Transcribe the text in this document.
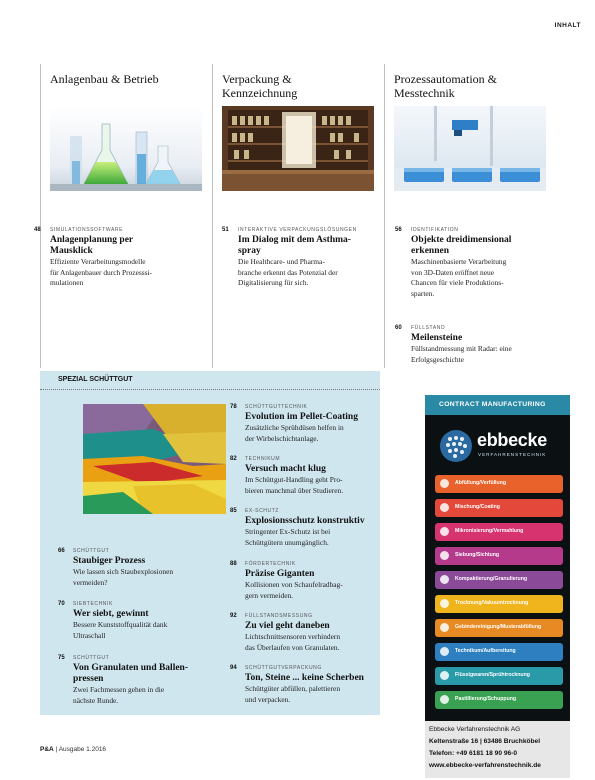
INHALT
Anlagenbau & Betrieb	Verpackung &
Kennzeichnung
Prozessautomation &
Messtechnik
48 SIMULATIONSSOFTWARE
Anlagenplanung per
Mausklick
Effiziente Verarbeitungsmodelle
für Anlagenbauer durch Prozesssi-
mulationen
51 INTERAKTIVE VERPACKUNGSLÖSUNGEN
Im Dialog mit dem Asthma-
spray
Die Healthcare- und Pharma-
branche erkennt das Potenzial der
Digitalisierung für sich.
56 IDENTIFIKATION
Objekte dreidimensional
erkennen
Maschinenbasierte Verarbeitung
von 3D-Daten eröffnet neue
Chancen für viele Produktions-
sparten.
60 FÜLLSTAND
Meilensteine
Füllstandmessung mit Radar: eine
Erfolgsgeschichte
SPEZIAL SCHÜTTGUT
66 SCHÜTTGUT
Staubiger Prozess
Wie lassen sich Staubexplosionen
vermeiden?
70 SIEBTECHNIK
Wer siebt, gewinnt
Bessere Kunststoffqualität dank
Ultraschall
75 SCHÜTTGUT
Von Granulaten und Ballen-
pressen
Zwei Fachmessen gehen in die
nächste Runde.
78 SCHÜTTGUTTECHNIK
Evolution im Pellet-Coating
Zusätzliche Sprühdüsen helfen in
der Wirbelschichtanlage.
82 TECHNIKUM
Versuch macht klug
Im Schüttgut-Handling geht Pro-
bieren manchmal über Studieren.
85 EX-SCHUTZ
Explosionsschutz konstruktiv
Stringenter Ex-Schutz ist bei
Schüttgütern unumgänglich.
88 FÖRDERTECHNIK
Präzise Giganten
Kollisionen von Schaufelradbag-
gern vermeiden.
92 FÜLLSTANDSMESSUNG
Zu viel geht daneben
Lichtschnittsensoren verhindern
das Überlaufen von Granulaten.
94 SCHÜTTGUTVERPACKUNG
Ton, Steine ... keine Scherben
Schüttgüter abfüllen, palettieren
und verpacken.
CONTRACT MANUFACTURING
ebbecke
VERFAHRENSTECHNIK
Abfüllung/Verfüllung
Mischung/Coating
Mikronisierung/Vermahlung
Siebung/Sichtung
Kompaktierung/Granulierung
Trocknung/Vakuumtrocknung
Gebindereinigung/Musterabfüllung
Technikum/Aufbereitung
Flüssigwaren/Sprühtrocknung
Pastillierung/Schuppung
Ebbecke Verfahrenstechnik AG
Keltenstraße 16 | 63486 Bruchköbel
Telefon: +49 6181 18 90 96-0
www.ebbecke-verfahrenstechnik.de
P&A | Ausgabe 1.2016
